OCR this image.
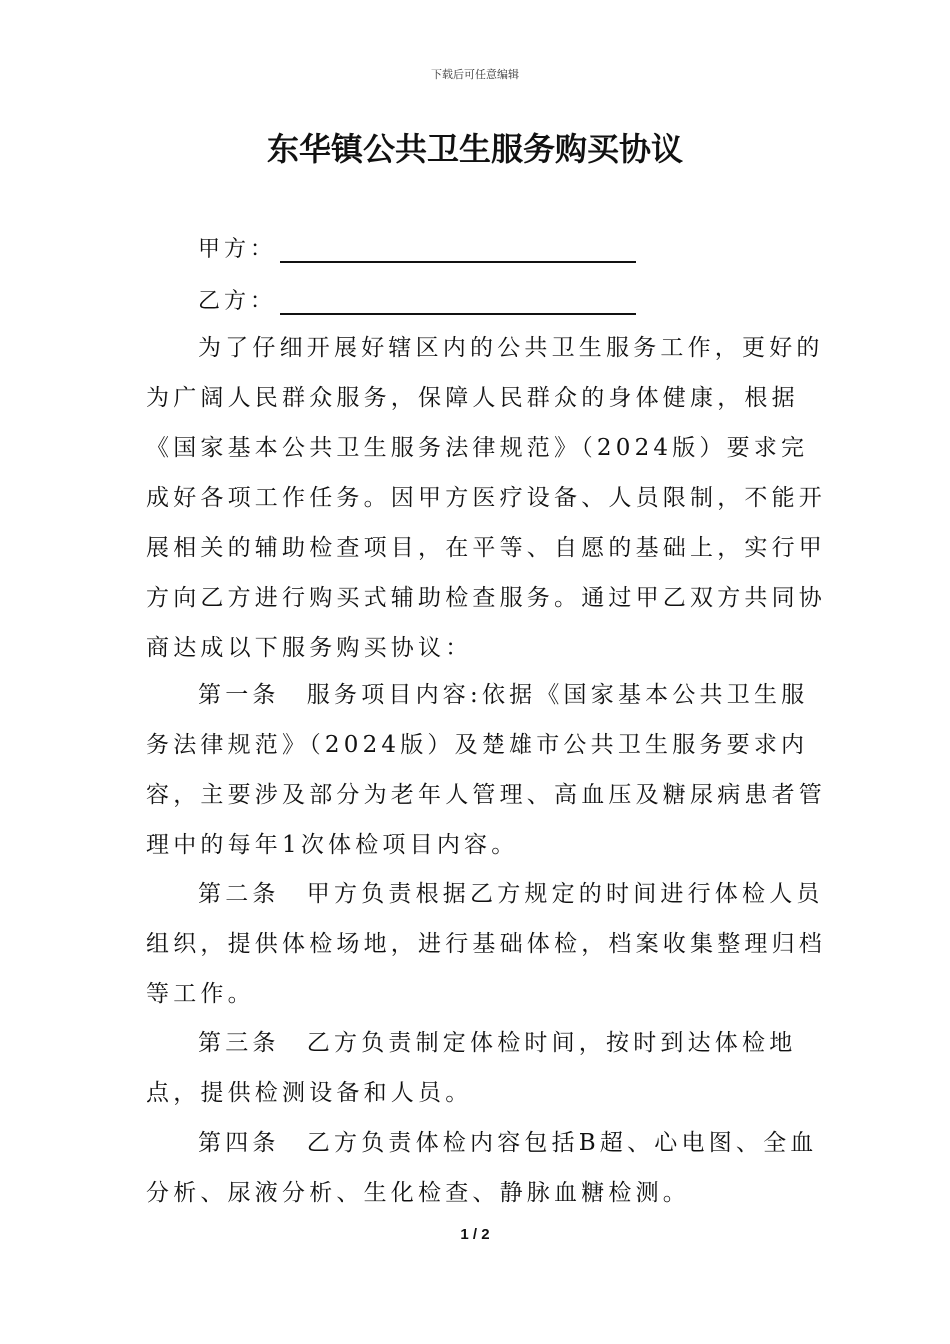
下载后可任意编辑
东华镇公共卫生服务购买协议
甲方：
乙方：

为了仔细开展好辖区内的公共卫生服务工作，更好的为广阔人民群众服务，保障人民群众的身体健康，根据《国家基本公共卫生服务法律规范》（2024版）要求完成好各项工作任务。因甲方医疗设备、人员限制，不能开展相关的辅助检查项目，在平等、自愿的基础上，实行甲方向乙方进行购买式辅助检查服务。通过甲乙双方共同协商达成以下服务购买协议：

第一条　服务项目内容:依据《国家基本公共卫生服务法律规范》（2024版）及楚雄市公共卫生服务要求内容，主要涉及部分为老年人管理、高血压及糖尿病患者管理中的每年1次体检项目内容。

第二条　甲方负责根据乙方规定的时间进行体检人员组织，提供体检场地，进行基础体检，档案收集整理归档等工作。

第三条　乙方负责制定体检时间，按时到达体检地点，提供检测设备和人员。

第四条　乙方负责体检内容包括B超、心电图、全血分析、尿液分析、生化检查、静脉血糖检测。

1 / 2
